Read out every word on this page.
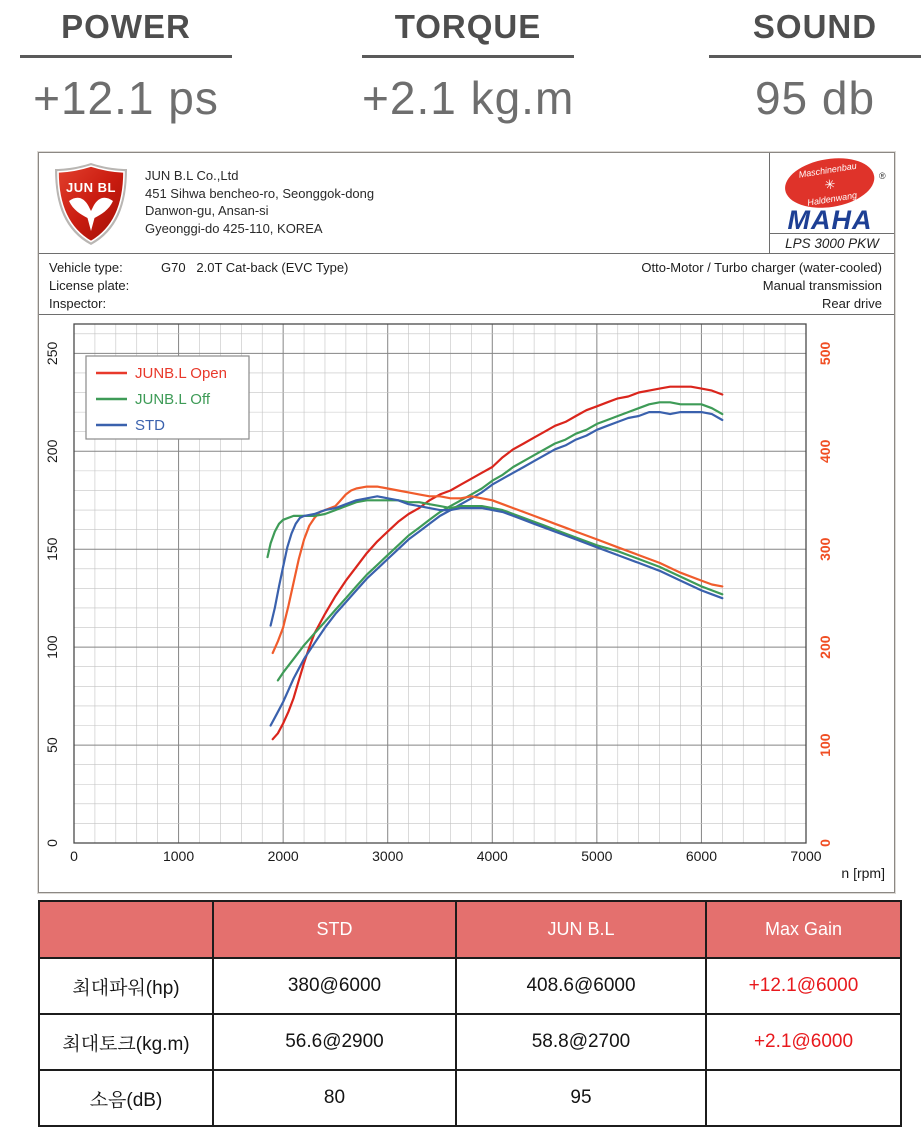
POWER
+12.1 ps
TORQUE
+2.1 kg.m
SOUND
95 db
JUN BL
JUN B.L Co.,Ltd
451 Sihwa bencheo-ro, Seonggok-dong
Danwon-gu, Ansan-si
Gyeonggi-do 425-110, KOREA
Maschinenbau
✳
Haldenwang
®
MAHA
LPS 3000 PKW
Vehicle type:	G70   2.0T Cat-back (EVC Type)
License plate:
Inspector:
Otto-Motor / Turbo charger (water-cooled)
Manual transmission
Rear drive
JUNB.L Open
JUNB.L Off
STD
0	1000	2000	3000	4000	5000	6000	7000
0
50
100
150
200
250
0
100
200
300
400
500
n [rpm]
	STD	JUN B.L	Max Gain
최대파워(hp)	380@6000	408.6@6000	+12.1@6000
최대토크(kg.m)	56.6@2900	58.8@2700	+2.1@6000
소음(dB)	80	95	
